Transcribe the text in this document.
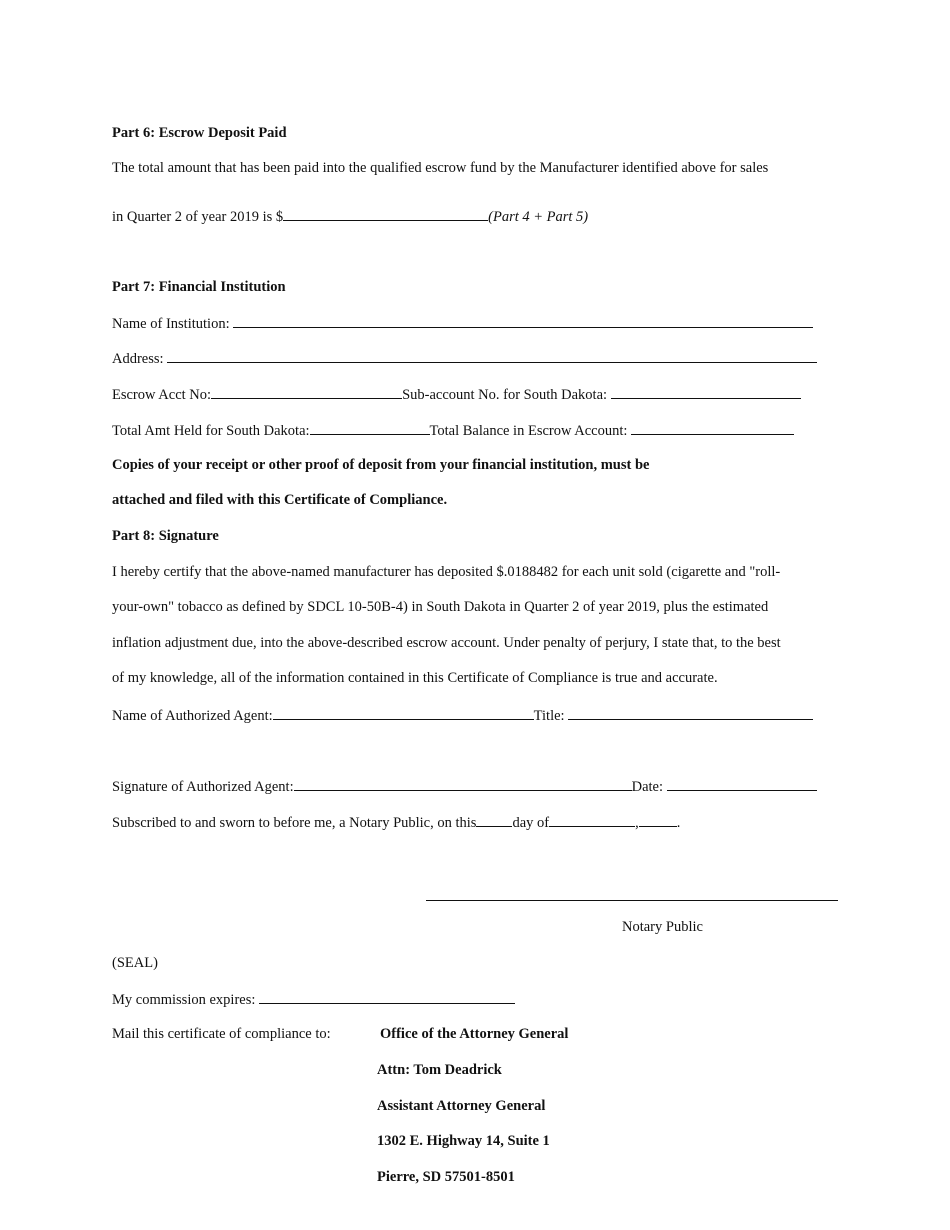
Part 6: Escrow Deposit Paid
The total amount that has been paid into the qualified escrow fund by the Manufacturer identified above for sales
in Quarter 2 of year 2019 is $	(Part 4 + Part 5)
Part 7: Financial Institution
Name of Institution:
Address:
Escrow Acct No:	Sub-account No. for South Dakota:
Total Amt Held for South Dakota:	Total Balance in Escrow Account:
Copies of your receipt or other proof of deposit from your financial institution, must be
attached and filed with this Certificate of Compliance.
Part 8: Signature
I hereby certify that the above-named manufacturer has deposited $.0188482 for each unit sold (cigarette and "roll-
your-own" tobacco as defined by SDCL 10-50B-4) in South Dakota in Quarter 2 of year 2019, plus the estimated
inflation adjustment due, into the above-described escrow account. Under penalty of perjury, I state that, to the best
of my knowledge, all of the information contained in this Certificate of Compliance is true and accurate.
Name of Authorized Agent:	Title:
Signature of Authorized Agent:	Date:
Subscribed to and sworn to before me, a Notary Public, on this day of	,	.
Notary Public
(SEAL)
My commission expires:
Mail this certificate of compliance to:	Office of the Attorney General
Attn: Tom Deadrick
Assistant Attorney General
1302 E. Highway 14, Suite 1
Pierre, SD 57501-8501
